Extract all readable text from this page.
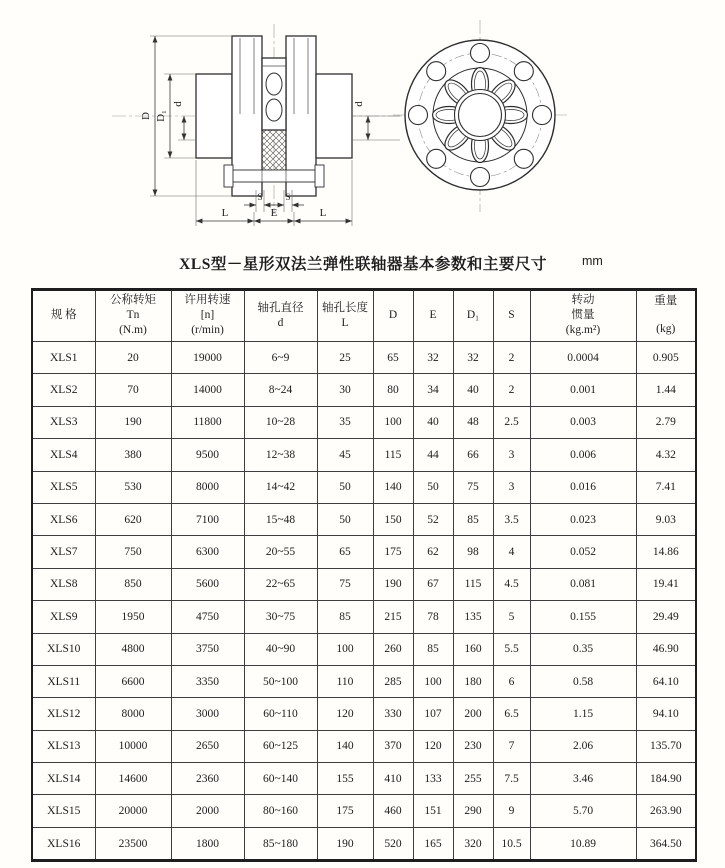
D D₁
d	d
S	S
L	E	L
XLS型－星形双法兰弹性联轴器基本参数和主要尺寸	mm
规 格

公称转矩
Tn
(N.m)

许用转速
[n]
(r/min)

轴孔直径
d

轴孔长度
L

D	E	D₁	S

转动
惯量
(kg.m²)

重量
(kg)

XLS1	20	19000	6~9	25	65	32	32	2	0.0004	0.905
XLS2	70	14000	8~24	30	80	34	40	2	0.001	1.44
XLS3	190	11800	10~28	35	100	40	48	2.5	0.003	2.79
XLS4	380	9500	12~38	45	115	44	66	3	0.006	4.32
XLS5	530	8000	14~42	50	140	50	75	3	0.016	7.41
XLS6	620	7100	15~48	50	150	52	85	3.5	0.023	9.03
XLS7	750	6300	20~55	65	175	62	98	4	0.052	14.86
XLS8	850	5600	22~65	75	190	67	115	4.5	0.081	19.41
XLS9	1950	4750	30~75	85	215	78	135	5	0.155	29.49
XLS10	4800	3750	40~90	100	260	85	160	5.5	0.35	46.90
XLS11	6600	3350	50~100	110	285	100	180	6	0.58	64.10
XLS12	8000	3000	60~110	120	330	107	200	6.5	1.15	94.10
XLS13	10000	2650	60~125	140	370	120	230	7	2.06	135.70
XLS14	14600	2360	60~140	155	410	133	255	7.5	3.46	184.90
XLS15	20000	2000	80~160	175	460	151	290	9	5.70	263.90
XLS16	23500	1800	85~180	190	520	165	320	10.5	10.89	364.50
